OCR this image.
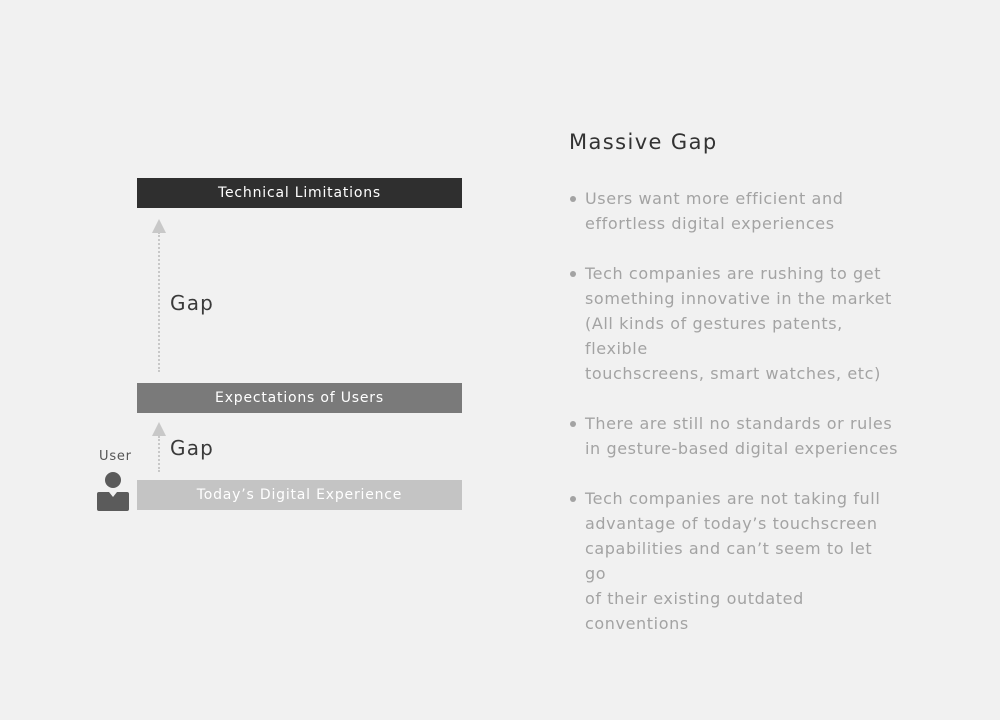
Technical Limitations
Gap
Expectations of Users
Gap
User
Today’s Digital Experience
Massive Gap
Users want more efficient and
effortless digital experiences
Tech companies are rushing to get
something innovative in the market
(All kinds of gestures patents, flexible
touchscreens, smart watches, etc)
There are still no standards or rules
in gesture-based digital experiences
Tech companies are not taking full
advantage of today’s touchscreen
capabilities and can’t seem to let go
of their existing outdated conventions
